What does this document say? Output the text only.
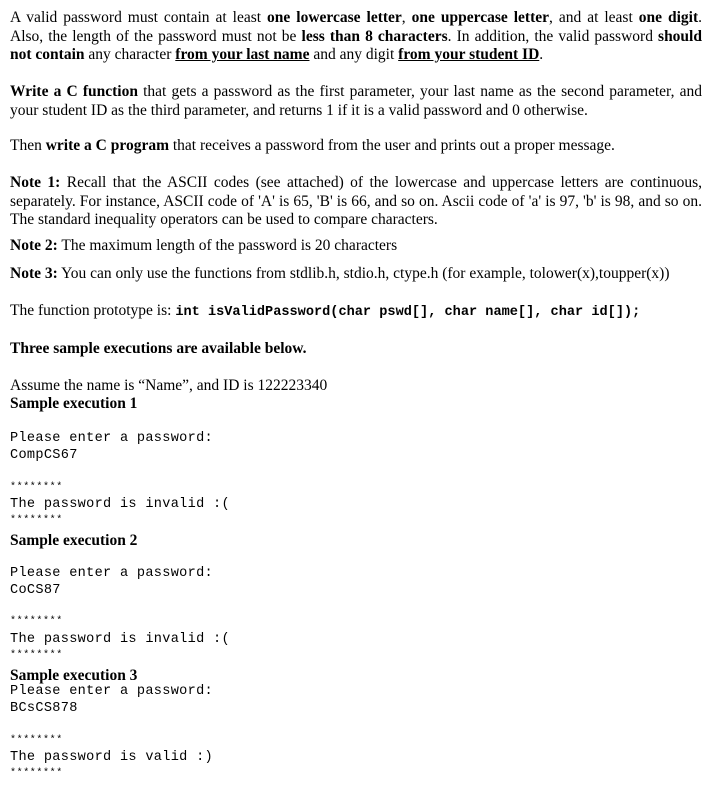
A valid password must contain at least one lowercase letter, one uppercase letter, and at least one digit. Also, the length of the password must not be less than 8 characters. In addition, the valid password should not contain any character from your last name and any digit from your student ID.

Write a C function that gets a password as the first parameter, your last name as the second parameter, and your student ID as the third parameter, and returns 1 if it is a valid password and 0 otherwise.

Then write a C program that receives a password from the user and prints out a proper message.

Note 1: Recall that the ASCII codes (see attached) of the lowercase and uppercase letters are continuous, separately. For instance, ASCII code of 'A' is 65, 'B' is 66, and so on. Ascii code of 'a' is 97, 'b' is 98, and so on. The standard inequality operators can be used to compare characters.

Note 2: The maximum length of the password is 20 characters

Note 3: You can only use the functions from stdlib.h, stdio.h, ctype.h (for example, tolower(x),toupper(x))

The function prototype is: int isValidPassword(char pswd[], char name[], char id[]);

Three sample executions are available below.

Assume the name is “Name”, and ID is 122223340

Sample execution 1

Please enter a password:
CompCS67
********
The password is invalid :(
********

Sample execution 2

Please enter a password:
CoCS87
********
The password is invalid :(
********

Sample execution 3

Please enter a password:
BCsCS878
********
The password is valid :)
********
